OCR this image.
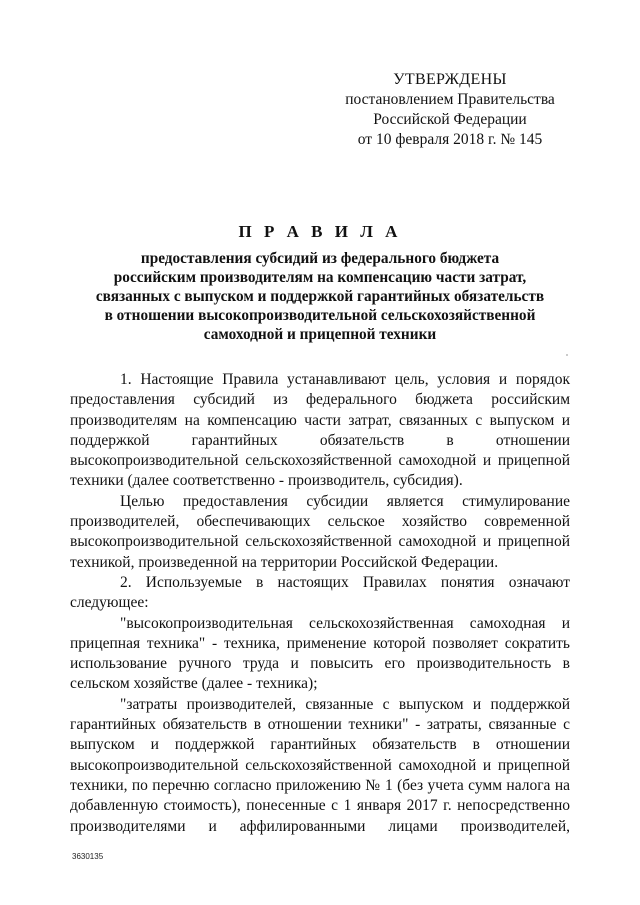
УТВЕРЖДЕНЫ
постановлением Правительства
Российской Федерации
от 10 февраля 2018 г. № 145
П Р А В И Л А
предоставления субсидий из федерального бюджета
российским производителям на компенсацию части затрат,
связанных с выпуском и поддержкой гарантийных обязательств
в отношении высокопроизводительной сельскохозяйственной
самоходной и прицепной техники

1. Настоящие Правила устанавливают цель, условия и порядок предоставления субсидий из федерального бюджета российским производителям на компенсацию части затрат, связанных с выпуском и поддержкой гарантийных обязательств в отношении высокопроизводительной сельскохозяйственной самоходной и прицепной техники (далее соответственно - производитель, субсидия).

Целью предоставления субсидии является стимулирование производителей, обеспечивающих сельское хозяйство современной высокопроизводительной сельскохозяйственной самоходной и прицепной техникой, произведенной на территории Российской Федерации.

2. Используемые в настоящих Правилах понятия означают следующее:

"высокопроизводительная сельскохозяйственная самоходная и прицепная техника" - техника, применение которой позволяет сократить использование ручного труда и повысить его производительность в сельском хозяйстве (далее - техника);

"затраты производителей, связанные с выпуском и поддержкой гарантийных обязательств в отношении техники" - затраты, связанные с выпуском и поддержкой гарантийных обязательств в отношении высокопроизводительной сельскохозяйственной самоходной и прицепной техники, по перечню согласно приложению № 1 (без учета сумм налога на добавленную стоимость), понесенные с 1 января 2017 г. непосредственно производителями и аффилированными лицами производителей,

3630135
